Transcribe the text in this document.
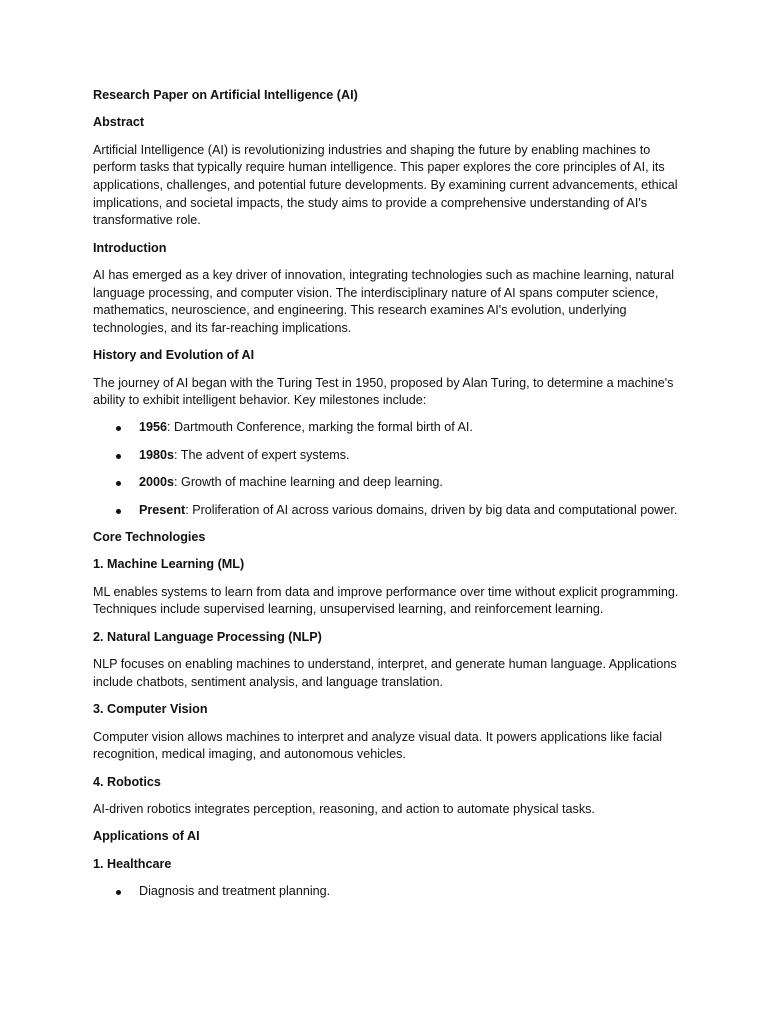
Research Paper on Artificial Intelligence (AI)
Abstract
Artificial Intelligence (AI) is revolutionizing industries and shaping the future by enabling machines to perform tasks that typically require human intelligence. This paper explores the core principles of AI, its applications, challenges, and potential future developments. By examining current advancements, ethical implications, and societal impacts, the study aims to provide a comprehensive understanding of AI's transformative role.
Introduction
AI has emerged as a key driver of innovation, integrating technologies such as machine learning, natural language processing, and computer vision. The interdisciplinary nature of AI spans computer science, mathematics, neuroscience, and engineering. This research examines AI's evolution, underlying technologies, and its far-reaching implications.
History and Evolution of AI
The journey of AI began with the Turing Test in 1950, proposed by Alan Turing, to determine a machine's ability to exhibit intelligent behavior. Key milestones include:
1956: Dartmouth Conference, marking the formal birth of AI.
1980s: The advent of expert systems.
2000s: Growth of machine learning and deep learning.
Present: Proliferation of AI across various domains, driven by big data and computational power.
Core Technologies
1. Machine Learning (ML)
ML enables systems to learn from data and improve performance over time without explicit programming. Techniques include supervised learning, unsupervised learning, and reinforcement learning.
2. Natural Language Processing (NLP)
NLP focuses on enabling machines to understand, interpret, and generate human language. Applications include chatbots, sentiment analysis, and language translation.
3. Computer Vision
Computer vision allows machines to interpret and analyze visual data. It powers applications like facial recognition, medical imaging, and autonomous vehicles.
4. Robotics
AI-driven robotics integrates perception, reasoning, and action to automate physical tasks.
Applications of AI
1. Healthcare
Diagnosis and treatment planning.
